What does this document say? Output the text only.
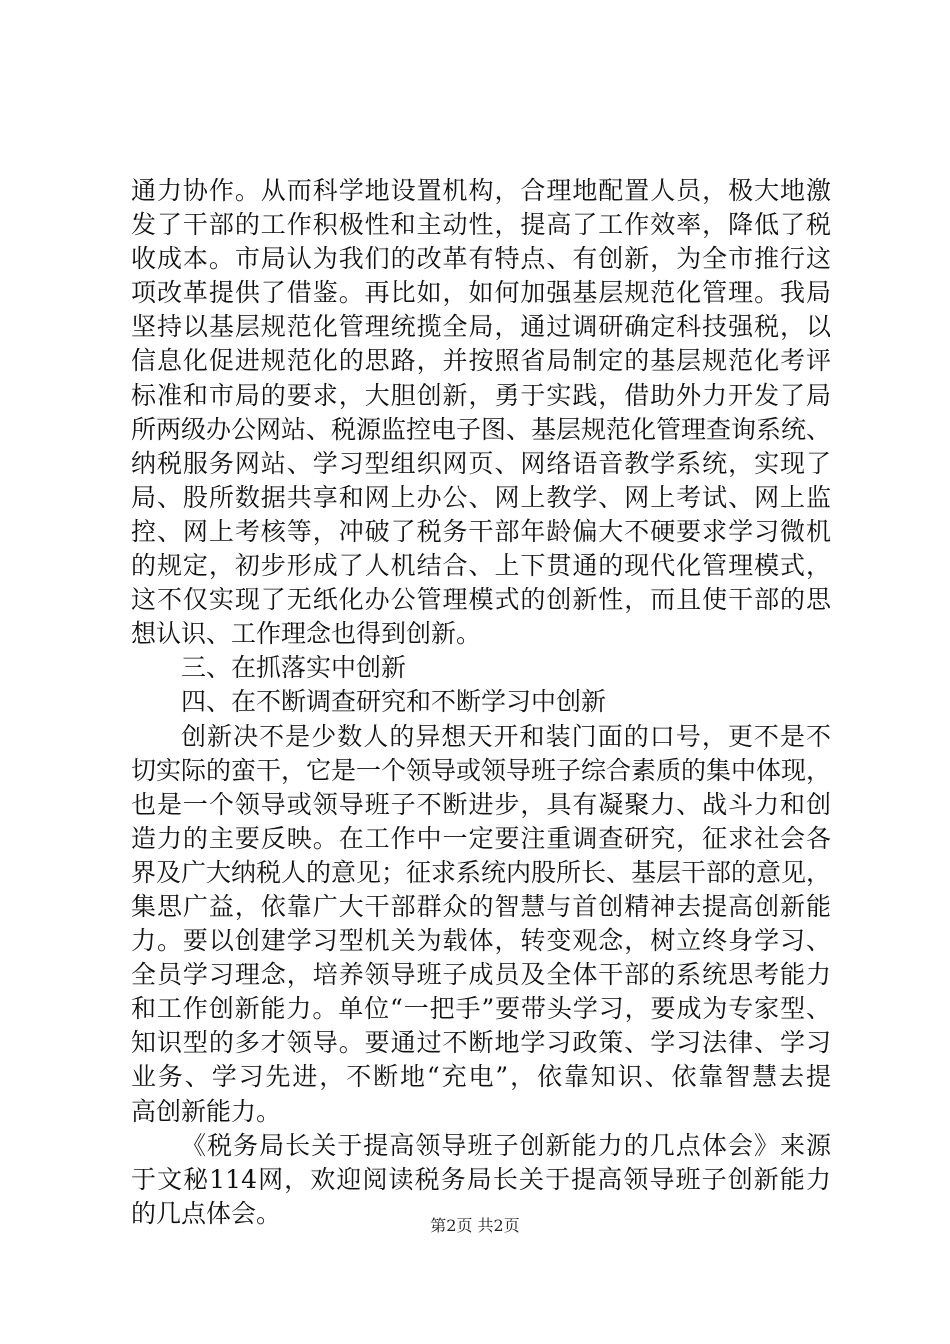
通力协作。从而科学地设置机构，合理地配置人员，极大地激
发了干部的工作积极性和主动性，提高了工作效率，降低了税
收成本。市局认为我们的改革有特点、有创新，为全市推行这
项改革提供了借鉴。再比如，如何加强基层规范化管理。我局
坚持以基层规范化管理统揽全局，通过调研确定科技强税，以
信息化促进规范化的思路，并按照省局制定的基层规范化考评
标准和市局的要求，大胆创新，勇于实践，借助外力开发了局
所两级办公网站、税源监控电子图、基层规范化管理查询系统、
纳税服务网站、学习型组织网页、网络语音教学系统，实现了
局、股所数据共享和网上办公、网上教学、网上考试、网上监
控、网上考核等，冲破了税务干部年龄偏大不硬要求学习微机
的规定，初步形成了人机结合、上下贯通的现代化管理模式，
这不仅实现了无纸化办公管理模式的创新性，而且使干部的思
想认识、工作理念也得到创新。
三、在抓落实中创新
四、在不断调查研究和不断学习中创新
创新决不是少数人的异想天开和装门面的口号，更不是不
切实际的蛮干，它是一个领导或领导班子综合素质的集中体现，
也是一个领导或领导班子不断进步，具有凝聚力、战斗力和创
造力的主要反映。在工作中一定要注重调查研究，征求社会各
界及广大纳税人的意见；征求系统内股所长、基层干部的意见，
集思广益，依靠广大干部群众的智慧与首创精神去提高创新能
力。要以创建学习型机关为载体，转变观念，树立终身学习、
全员学习理念，培养领导班子成员及全体干部的系统思考能力
和工作创新能力。单位“一把手”要带头学习，要成为专家型、
知识型的多才领导。要通过不断地学习政策、学习法律、学习
业务、学习先进，不断地“充电”，依靠知识、依靠智慧去提
高创新能力。
《税务局长关于提高领导班子创新能力的几点体会》来源
于文秘114网，欢迎阅读税务局长关于提高领导班子创新能力
的几点体会。	第2页 共2页
